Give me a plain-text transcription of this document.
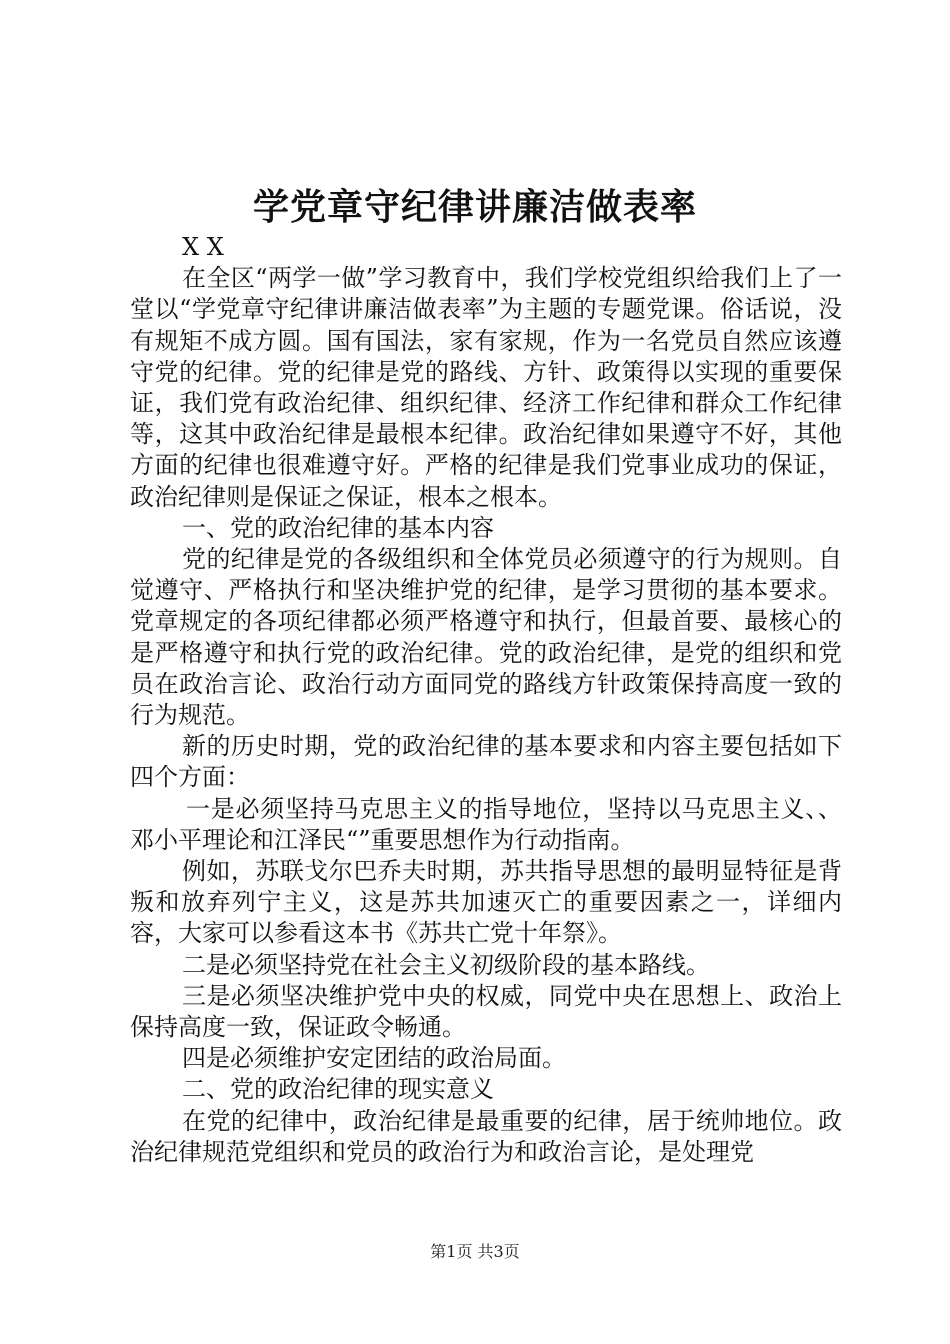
学党章守纪律讲廉洁做表率

X X

在全区“两学一做”学习教育中，我们学校党组织给我们上了一堂以“学党章守纪律讲廉洁做表率”为主题的专题党课。俗话说，没有规矩不成方圆。国有国法，家有家规，作为一名党员自然应该遵守党的纪律。党的纪律是党的路线、方针、政策得以实现的重要保证，我们党有政治纪律、组织纪律、经济工作纪律和群众工作纪律等，这其中政治纪律是最根本纪律。政治纪律如果遵守不好，其他方面的纪律也很难遵守好。严格的纪律是我们党事业成功的保证，政治纪律则是保证之保证，根本之根本。

一、党的政治纪律的基本内容

党的纪律是党的各级组织和全体党员必须遵守的行为规则。自觉遵守、严格执行和坚决维护党的纪律，是学习贯彻的基本要求。党章规定的各项纪律都必须严格遵守和执行，但最首要、最核心的是严格遵守和执行党的政治纪律。党的政治纪律，是党的组织和党员在政治言论、政治行动方面同党的路线方针政策保持高度一致的行为规范。

新的历史时期，党的政治纪律的基本要求和内容主要包括如下四个方面：

一是必须坚持马克思主义的指导地位，坚持以马克思主义、、邓小平理论和江泽民“”重要思想作为行动指南。

例如，苏联戈尔巴乔夫时期，苏共指导思想的最明显特征是背叛和放弃列宁主义，这是苏共加速灭亡的重要因素之一，详细内容，大家可以参看这本书《苏共亡党十年祭》。

二是必须坚持党在社会主义初级阶段的基本路线。

三是必须坚决维护党中央的权威，同党中央在思想上、政治上保持高度一致，保证政令畅通。

四是必须维护安定团结的政治局面。

二、党的政治纪律的现实意义

在党的纪律中，政治纪律是最重要的纪律，居于统帅地位。政治纪律规范党组织和党员的政治行为和政治言论，是处理党

第1页 共3页
